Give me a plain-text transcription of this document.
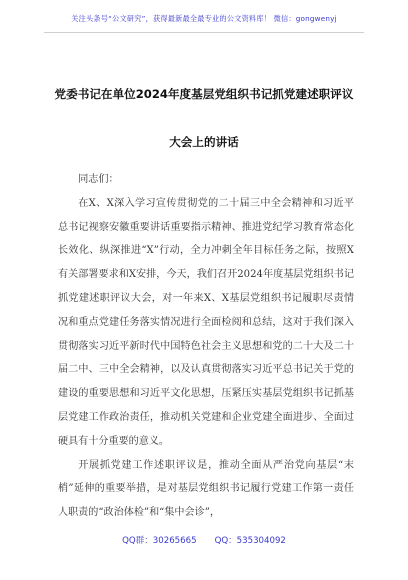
关注头条号“公文研究”，获得最新最全最专业的公文资料库！ 微信：gongwenyj
党委书记在单位2024年度基层党组织书记抓党建述职评议
大会上的讲话

同志们：

在X、X深入学习宣传贯彻党的二十届三中全会精神和习近平总书记视察安徽重要讲话重要指示精神、推进党纪学习教育常态化长效化、纵深推进“X”行动，全力冲刺全年目标任务之际，按照X有关部署要求和X安排，今天，我们召开2024年度基层党组织书记抓党建述职评议大会，对一年来X、X基层党组织书记履职尽责情况和重点党建任务落实情况进行全面检阅和总结，这对于我们深入贯彻落实习近平新时代中国特色社会主义思想和党的二十大及二十届二中、三中全会精神，以及认真贯彻落实习近平总书记关于党的建设的重要思想和习近平文化思想，压紧压实基层党组织书记抓基层党建工作政治责任，推动机关党建和企业党建全面进步、全面过硬具有十分重要的意义。

开展抓党建工作述职评议是，推动全面从严治党向基层“末梢”延伸的重要举措，是对基层党组织书记履行党建工作第一责任人职责的“政治体检”和“集中会诊”，

QQ群：30265665 QQ：535304092
